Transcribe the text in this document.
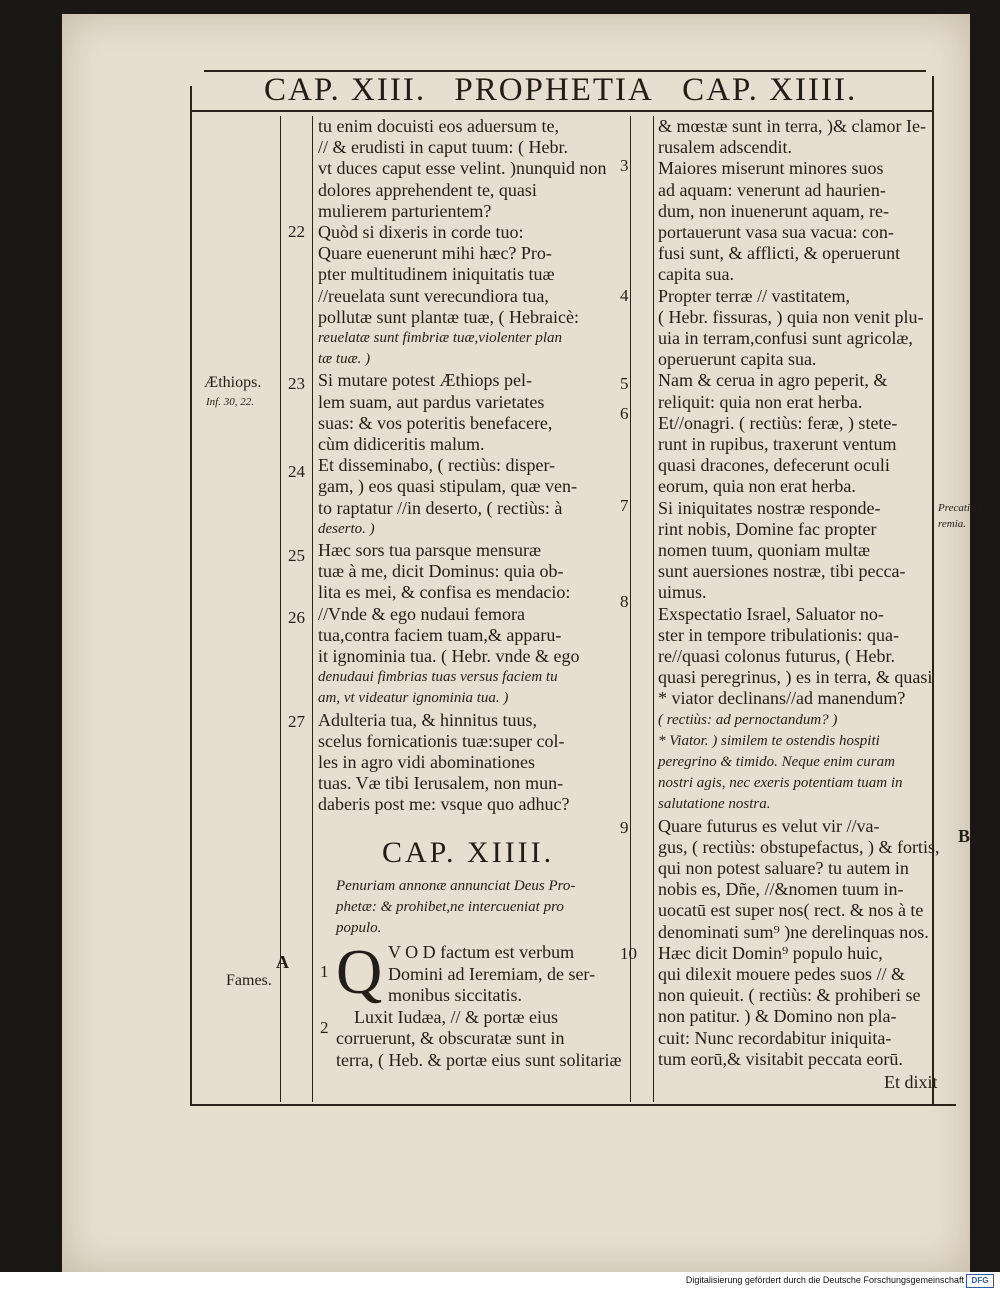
CAP. XIII. PROPHETIA CAP. XIIII.
tu enim docuisti eos aduersum te,
// & erudisti in caput tuum: ( Hebr.
vt duces caput esse velint. )nunquid non
dolores apprehendent te, quasi
mulierem parturientem?
Quòd si dixeris in corde tuo:
Quare euenerunt mihi hæc? Pro-
pter multitudinem iniquitatis tuæ
//reuelata sunt verecundiora tua,
pollutæ sunt plantæ tuæ, ( Hebraicè:
reuelatæ sunt fimbriæ tuæ,violenter plan
tæ tuæ. )
Si mutare potest Æthiops pel-
lem suam, aut pardus varietates
suas: & vos poteritis benefacere,
cùm didiceritis malum.
Et disseminabo, ( rectiùs: disper-
gam, ) eos quasi stipulam, quæ ven-
to raptatur //in deserto, ( rectiùs: à
deserto. )
Hæc sors tua parsque mensuræ
tuæ à me, dicit Dominus: quia ob-
lita es mei, & confisa es mendacio:
//Vnde & ego nudaui femora
tua,contra faciem tuam,& apparu-
it ignominia tua. ( Hebr. vnde & ego
denudaui fimbrias tuas versus faciem tu
am, vt videatur ignominia tua. )
Adulteria tua, & hinnitus tuus,
scelus fornicationis tuæ:super col-
les in agro vidi abominationes
tuas. Væ tibi Ierusalem, non mun-
daberis post me: vsque quo adhuc?
22
23
24
25
26
27
CAP. XIIII.
Penuriam annonæ annunciat Deus Pro-
phetæ: & prohibet,ne intercueniat pro
populo.
Q V O D factum est verbum
Domini ad Ieremiam, de ser-
monibus siccitatis.
Luxit Iudæa, // & portæ eius
corruerunt, & obscuratæ sunt in
terra, ( Heb. & portæ eius sunt solitariæ
1
2
& mœstæ sunt in terra, )& clamor Ie-
rusalem adscendit.
Maiores miserunt minores suos
ad aquam: venerunt ad haurien-
dum, non inuenerunt aquam, re-
portauerunt vasa sua vacua: con-
fusi sunt, & afflicti, & operuerunt
capita sua.
Propter terræ // vastitatem,
( Hebr. fissuras, ) quia non venit plu-
uia in terram,confusi sunt agricolæ,
operuerunt capita sua.
Nam & cerua in agro peperit, &
reliquit: quia non erat herba.
Et//onagri. ( rectiùs: feræ, ) stete-
runt in rupibus, traxerunt ventum
quasi dracones, defecerunt oculi
eorum, quia non erat herba.
Si iniquitates nostræ responde-
rint nobis, Domine fac propter
nomen tuum, quoniam multæ
sunt auersiones nostræ, tibi pecca-
uimus.
Exspectatio Israel, Saluator no-
ster in tempore tribulationis: qua-
re//quasi colonus futurus, ( Hebr.
quasi peregrinus, ) es in terra, & quasi
* viator declinans//ad manendum?
( rectiùs: ad pernoctandum? )
* Viator. ) similem te ostendis hospiti
peregrino & timido. Neque enim curam
nostri agis, nec exeris potentiam tuam in
salutatione nostra.
Quare futurus es velut vir //va-
gus, ( rectiùs: obstupefactus, ) & fortis,
qui non potest saluare? tu autem in
nobis es, Dñe, //&nomen tuum in-
uocatū est super nos( rect. & nos à te
denominati sum⁹ )ne derelinquas nos.
Hæc dicit Domin⁹ populo huic,
qui dilexit mouere pedes suos // &
non quieuit. ( rectiùs: & prohiberi se
non patitur. ) & Domino non pla-
cuit: Nunc recordabitur iniquita-
tum eorū,& visitabit peccata eorū.
3
4
5
6
7
8
9
10
Et dixit
Æthiops.
Inf. 30, 22.
A
Fames.
Precatio I
remia.
B
Digitalisierung gefördert durch die Deutsche Forschungsgemeinschaft DFG
